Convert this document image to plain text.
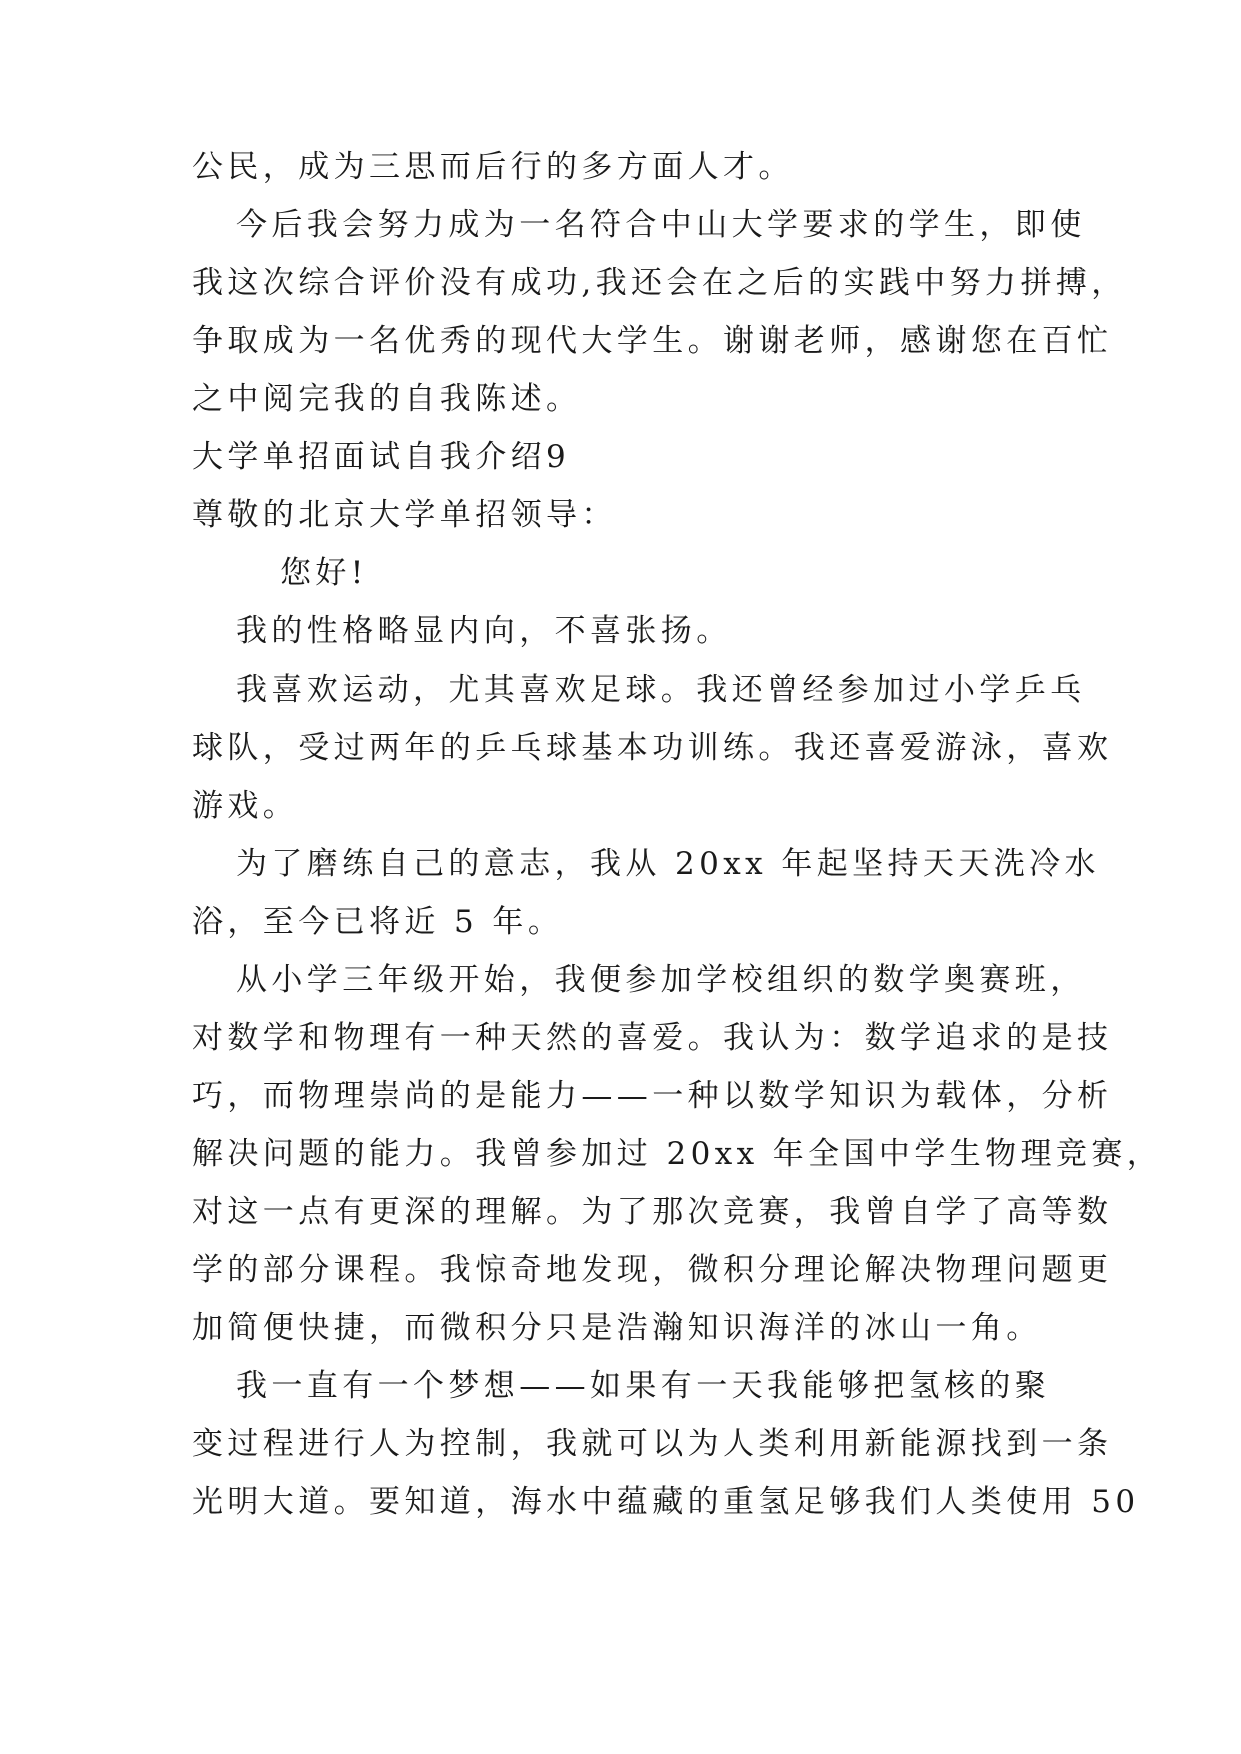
公民，成为三思而后行的多方面人才。
今后我会努力成为一名符合中山大学要求的学生，即使
我这次综合评价没有成功,我还会在之后的实践中努力拼搏，
争取成为一名优秀的现代大学生。谢谢老师，感谢您在百忙
之中阅完我的自我陈述。
大学单招面试自我介绍9
尊敬的北京大学单招领导：
您好!
我的性格略显内向，不喜张扬。
我喜欢运动，尤其喜欢足球。我还曾经参加过小学乒乓
球队，受过两年的乒乓球基本功训练。我还喜爱游泳，喜欢
游戏。
为了磨练自己的意志，我从 20xx 年起坚持天天洗冷水
浴，至今已将近 5 年。
从小学三年级开始，我便参加学校组织的数学奥赛班，
对数学和物理有一种天然的喜爱。我认为：数学追求的是技
巧，而物理崇尚的是能力——一种以数学知识为载体，分析
解决问题的能力。我曾参加过 20xx 年全国中学生物理竞赛，
对这一点有更深的理解。为了那次竞赛，我曾自学了高等数
学的部分课程。我惊奇地发现，微积分理论解决物理问题更
加简便快捷，而微积分只是浩瀚知识海洋的冰山一角。
我一直有一个梦想——如果有一天我能够把氢核的聚
变过程进行人为控制，我就可以为人类利用新能源找到一条
光明大道。要知道，海水中蕴藏的重氢足够我们人类使用 50
